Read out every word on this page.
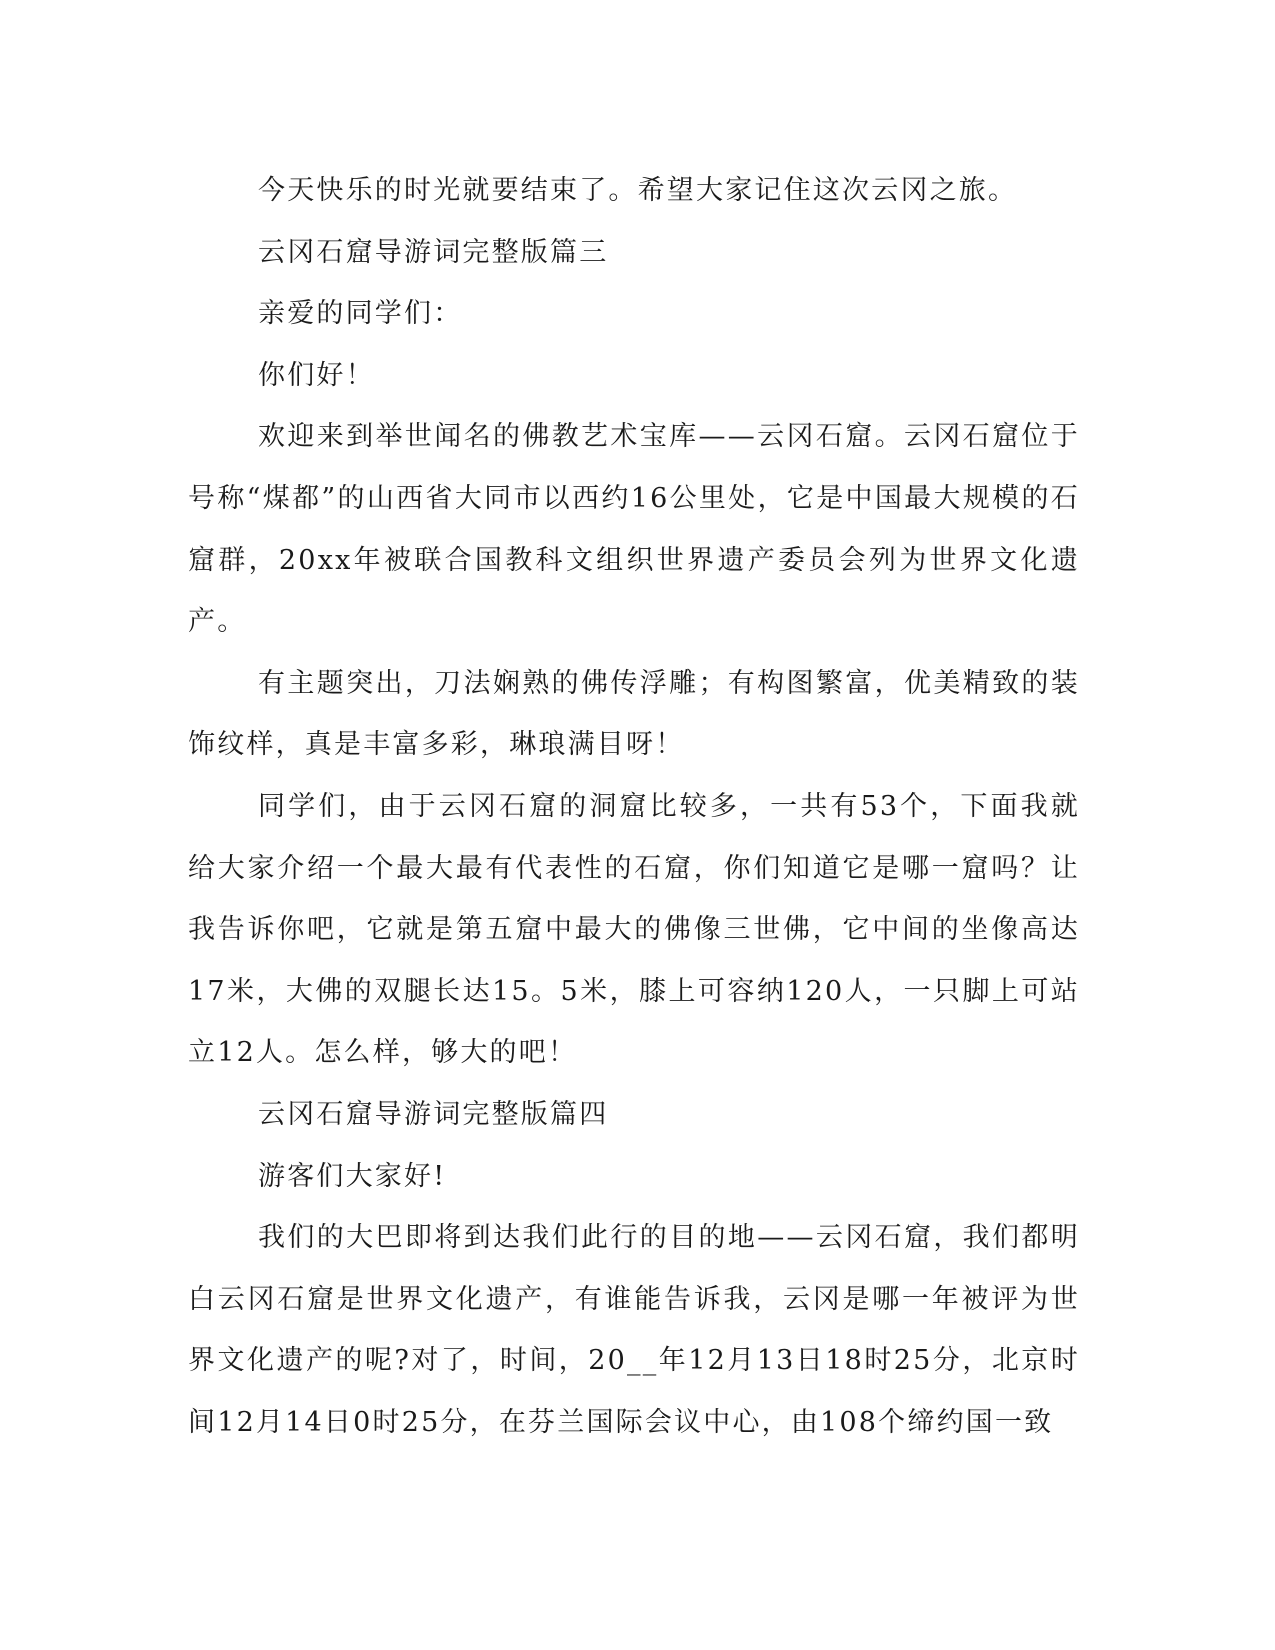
今天快乐的时光就要结束了。希望大家记住这次云冈之旅。

云冈石窟导游词完整版篇三

亲爱的同学们：

你们好！

欢迎来到举世闻名的佛教艺术宝库——云冈石窟。云冈石窟位于号称“煤都”的山西省大同市以西约16公里处，它是中国最大规模的石窟群，20xx年被联合国教科文组织世界遗产委员会列为世界文化遗产。

有主题突出，刀法娴熟的佛传浮雕；有构图繁富，优美精致的装饰纹样，真是丰富多彩，琳琅满目呀！

同学们，由于云冈石窟的洞窟比较多，一共有53个，下面我就给大家介绍一个最大最有代表性的石窟，你们知道它是哪一窟吗？让我告诉你吧，它就是第五窟中最大的佛像三世佛，它中间的坐像高达17米，大佛的双腿长达15。5米，膝上可容纳120人，一只脚上可站立12人。怎么样，够大的吧！

云冈石窟导游词完整版篇四

游客们大家好!

我们的大巴即将到达我们此行的目的地——云冈石窟，我们都明白云冈石窟是世界文化遗产，有谁能告诉我，云冈是哪一年被评为世界文化遗产的呢?对了，时间，20__年12月13日18时25分，北京时间12月14日0时25分，在芬兰国际会议中心，由108个缔约国一致
